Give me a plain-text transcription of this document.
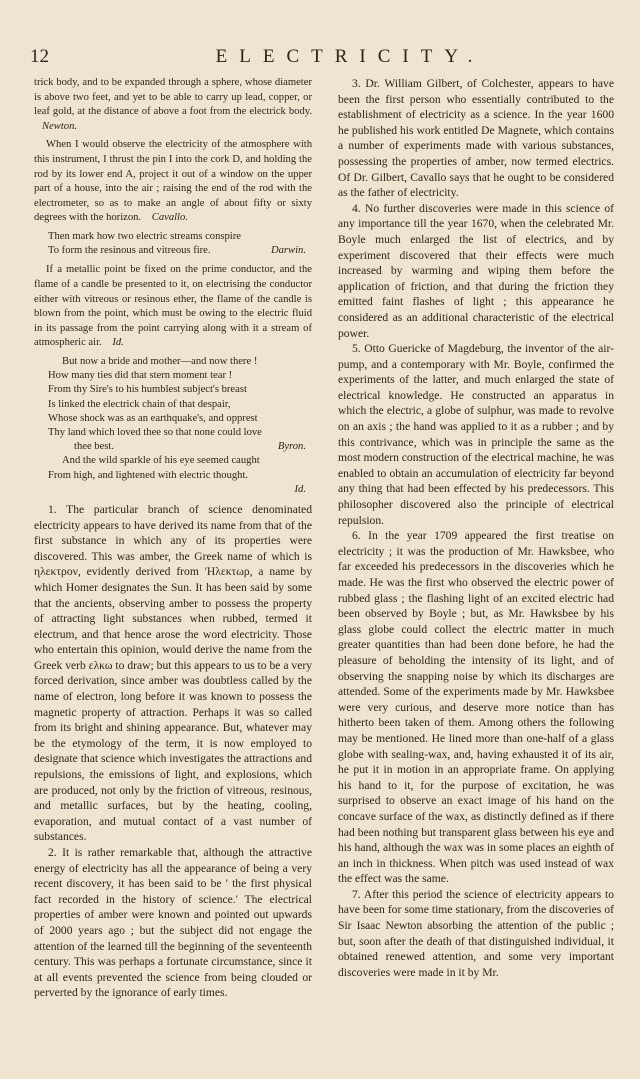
12	ELECTRICITY.

trick body, and to be expanded through a sphere, whose diameter is above two feet, and yet to be able to carry up lead, copper, or leaf gold, at the distance of above a foot from the electrick body. Newton.

When I would observe the electricity of the atmosphere with this instrument, I thrust the pin I into the cork D, and holding the rod by its lower end A, project it out of a window on the upper part of a house, into the air ; raising the end of the rod with the electrometer, so as to make an angle of about fifty or sixty degrees with the horizon. Cavallo.

Then mark how two electric streams conspire
To form the resinous and vitreous fire.	Darwin.

If a metallic point be fixed on the prime conductor, and the flame of a candle be presented to it, on electrising the conductor either with vitreous or resinous ether, the flame of the candle is blown from the point, which must be owing to the electric fluid in its passage from the point carrying along with it a stream of atmospheric air. Id.

But now a bride and mother—and now there !
How many ties did that stern moment tear !
From thy Sire's to his humblest subject's breast
Is linked the electrick chain of that despair,
Whose shock was as an earthquake's, and opprest
Thy land which loved thee so that none could love
thee best.	Byron.
And the wild sparkle of his eye seemed caught
From high, and lightened with electric thought.
Id.

1. The particular branch of science denominated electricity appears to have derived its name from that of the first substance in which any of its properties were discovered. This was amber, the Greek name of which is ηλεκτρον, evidently derived from 'Ηλεκτωρ, a name by which Homer designates the Sun. It has been said by some that the ancients, observing amber to possess the property of attracting light substances when rubbed, termed it electrum, and that hence arose the word electricity. Those who entertain this opinion, would derive the name from the Greek verb ελκω to draw; but this appears to us to be a very forced derivation, since amber was doubtless called by the name of electron, long before it was known to possess the magnetic property of attraction. Perhaps it was so called from its bright and shining appearance. But, whatever may be the etymology of the term, it is now employed to designate that science which investigates the attractions and repulsions, the emissions of light, and explosions, which are produced, not only by the friction of vitreous, resinous, and metallic surfaces, but by the heating, cooling, evaporation, and mutual contact of a vast number of substances.

2. It is rather remarkable that, although the attractive energy of electricity has all the appearance of being a very recent discovery, it has been said to be ' the first physical fact recorded in the history of science.' The electrical properties of amber were known and pointed out upwards of 2000 years ago ; but the subject did not engage the attention of the learned till the beginning of the seventeenth century. This was perhaps a fortunate circumstance, since it at all events prevented the science from being clouded or perverted by the ignorance of early times.

3. Dr. William Gilbert, of Colchester, appears to have been the first person who essentially contributed to the establishment of electricity as a science. In the year 1600 he published his work entitled De Magnete, which contains a number of experiments made with various substances, possessing the properties of amber, now termed electrics. Of Dr. Gilbert, Cavallo says that he ought to be considered as the father of electricity.

4. No further discoveries were made in this science of any importance till the year 1670, when the celebrated Mr. Boyle much enlarged the list of electrics, and by experiment discovered that their effects were much increased by warming and wiping them before the application of friction, and that during the friction they emitted faint flashes of light ; this appearance he considered as an additional characteristic of the electrical power.

5. Otto Guericke of Magdeburg, the inventor of the air-pump, and a contemporary with Mr. Boyle, confirmed the experiments of the latter, and much enlarged the state of electrical knowledge. He constructed an apparatus in which the electric, a globe of sulphur, was made to revolve on an axis ; the hand was applied to it as a rubber ; and by this contrivance, which was in principle the same as the most modern construction of the electrical machine, he was enabled to obtain an accumulation of electricity far beyond any thing that had been effected by his predecessors. This philosopher discovered also the principle of electrical repulsion.

6. In the year 1709 appeared the first treatise on electricity ; it was the production of Mr. Hawksbee, who far exceeded his predecessors in the discoveries which he made. He was the first who observed the electric power of rubbed glass ; the flashing light of an excited electric had been observed by Boyle ; but, as Mr. Hawksbee by his glass globe could collect the electric matter in much greater quantities than had been done before, he had the pleasure of beholding the intensity of its light, and of observing the snapping noise by which its discharges are attended. Some of the experiments made by Mr. Hawksbee were very curious, and deserve more notice than has hitherto been taken of them. Among others the following may be mentioned. He lined more than one-half of a glass globe with sealing-wax, and, having exhausted it of its air, he put it in motion in an appropriate frame. On applying his hand to it, for the purpose of excitation, he was surprised to observe an exact image of his hand on the concave surface of the wax, as distinctly defined as if there had been nothing but transparent glass between his eye and his hand, although the wax was in some places an eighth of an inch in thickness. When pitch was used instead of wax the effect was the same.

7. After this period the science of electricity appears to have been for some time stationary, from the discoveries of Sir Isaac Newton absorbing the attention of the public ; but, soon after the death of that distinguished individual, it obtained renewed attention, and some very important discoveries were made in it by Mr.
